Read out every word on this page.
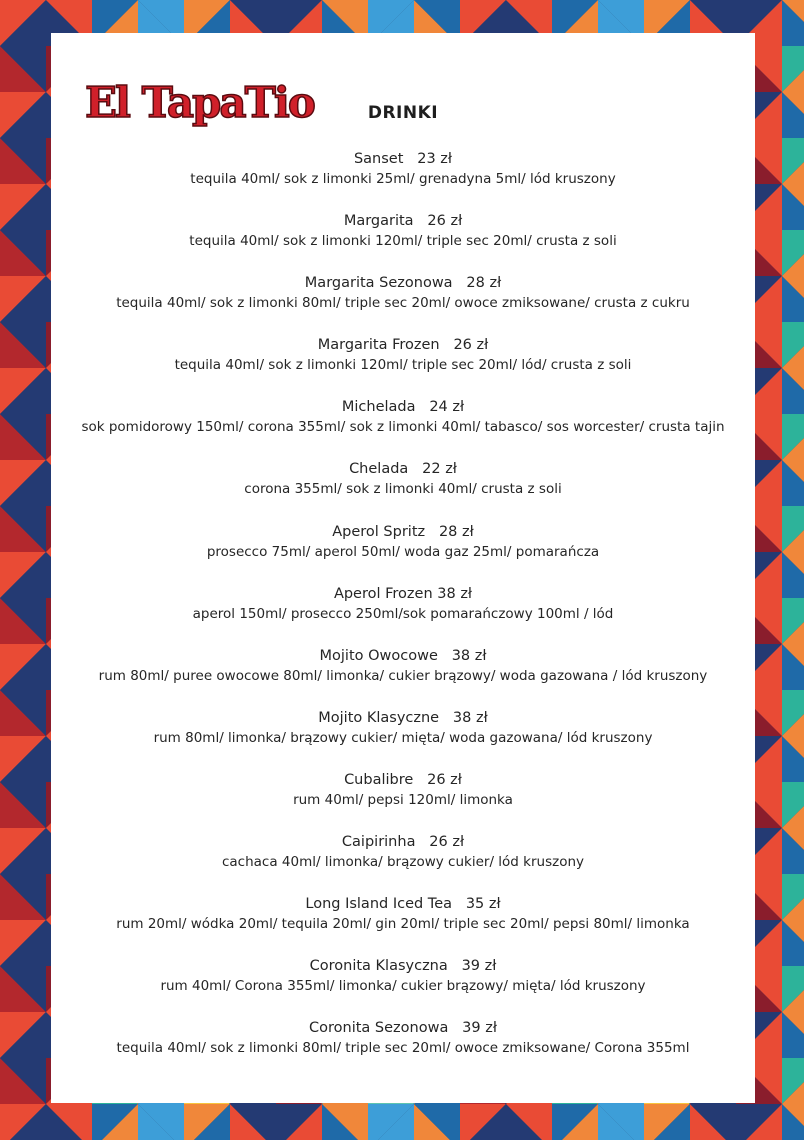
El TapaTio	DRINKI
Sanset   23 zł
tequila 40ml/ sok z limonki 25ml/ grenadyna 5ml/ lód kruszony
Margarita   26 zł
tequila 40ml/ sok z limonki 120ml/ triple sec 20ml/ crusta z soli
Margarita Sezonowa   28 zł
tequila 40ml/ sok z limonki 80ml/ triple sec 20ml/ owoce zmiksowane/ crusta z cukru
Margarita Frozen   26 zł
tequila 40ml/ sok z limonki 120ml/ triple sec 20ml/ lód/ crusta z soli
Michelada   24 zł
sok pomidorowy 150ml/ corona 355ml/ sok z limonki 40ml/ tabasco/ sos worcester/ crusta tajin
Chelada   22 zł
corona 355ml/ sok z limonki 40ml/ crusta z soli
Aperol Spritz   28 zł
prosecco 75ml/ aperol 50ml/ woda gaz 25ml/ pomarańcza
Aperol Frozen 38 zł
aperol 150ml/ prosecco 250ml/sok pomarańczowy 100ml / lód
Mojito Owocowe   38 zł
rum 80ml/ puree owocowe 80ml/ limonka/ cukier brązowy/ woda gazowana / lód kruszony
Mojito Klasyczne   38 zł
rum 80ml/ limonka/ brązowy cukier/ mięta/ woda gazowana/ lód kruszony
Cubalibre   26 zł
rum 40ml/ pepsi 120ml/ limonka
Caipirinha   26 zł
cachaca 40ml/ limonka/ brązowy cukier/ lód kruszony
Long Island Iced Tea   35 zł
rum 20ml/ wódka 20ml/ tequila 20ml/ gin 20ml/ triple sec 20ml/ pepsi 80ml/ limonka
Coronita Klasyczna   39 zł
rum 40ml/ Corona 355ml/ limonka/ cukier brązowy/ mięta/ lód kruszony
Coronita Sezonowa   39 zł
tequila 40ml/ sok z limonki 80ml/ triple sec 20ml/ owoce zmiksowane/ Corona 355ml
